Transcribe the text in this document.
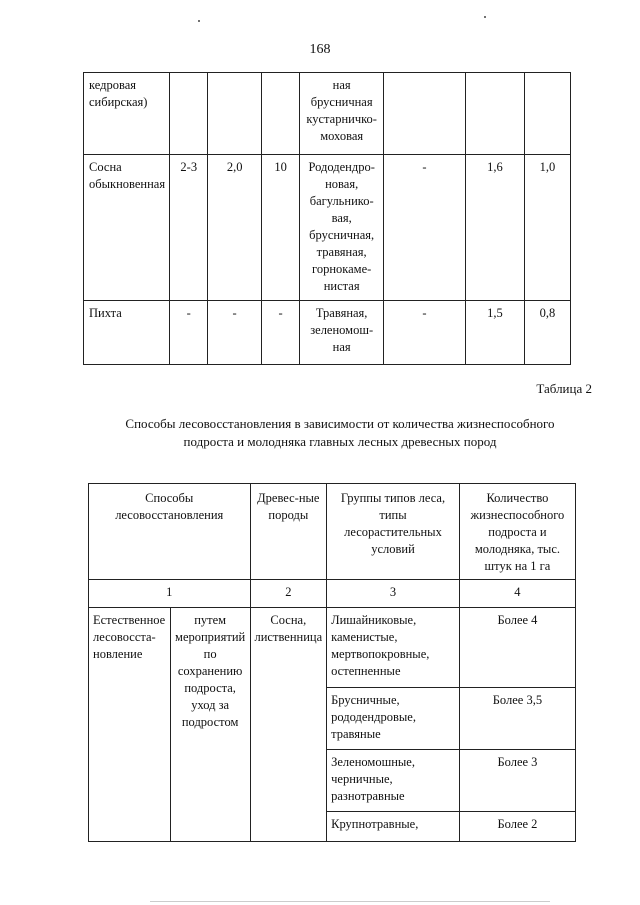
168
кедровая сибирская)				ная брусничная кустарничко-моховая			
Сосна обыкновенная	2-3	2,0	10	Рододендро-новая, багульнико-вая, брусничная, травяная, горнокаме-нистая	-	1,6	1,0
Пихта	-	-	-	Травяная, зеленомош-ная	-	1,5	0,8
Таблица 2
Способы лесовосстановления в зависимости от количества жизнеспособного подроста и молодняка главных лесных древесных пород
Способы лесовосстановления		Древес-ные породы	Группы типов леса, типы лесорастительных условий	Количество жизнеспособного подроста и молодняка, тыс. штук на 1 га
1		2	3	4
Естественное лесовосста-новление	путем мероприятий по сохранению подроста, уход за подростом	Сосна, лиственница	Лишайниковые, каменистые, мертвопокровные, остепненные	Более 4
			Брусничные, рододендровые, травяные	Более 3,5
			Зеленомошные, черничные, разнотравные	Более 3
			Крупнотравные,	Более 2
